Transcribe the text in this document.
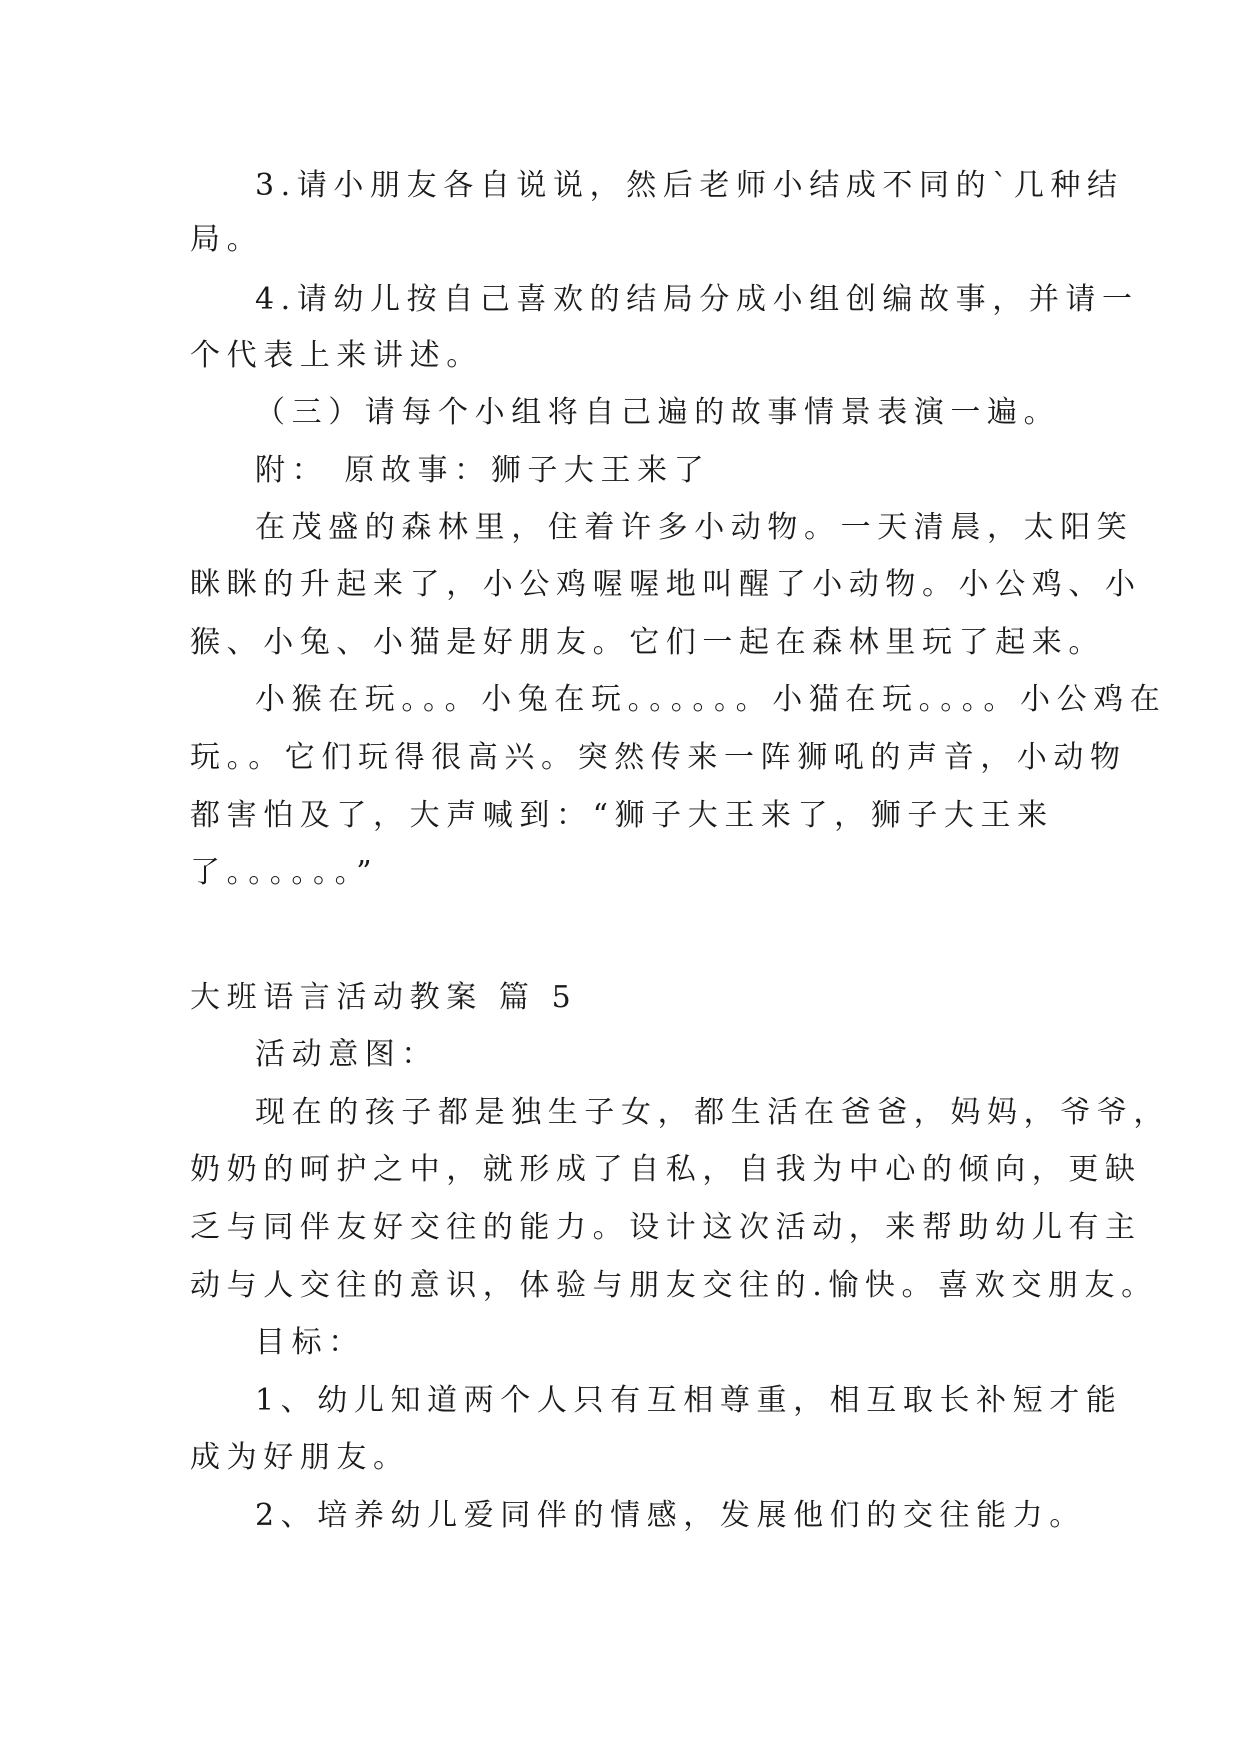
3.请小朋友各自说说，然后老师小结成不同的`几种结
局。
4.请幼儿按自己喜欢的结局分成小组创编故事，并请一
个代表上来讲述。
（三）请每个小组将自己遍的故事情景表演一遍。
附： 原故事：狮子大王来了
在茂盛的森林里，住着许多小动物。一天清晨，太阳笑
眯眯的升起来了，小公鸡喔喔地叫醒了小动物。小公鸡、小
猴、小兔、小猫是好朋友。它们一起在森林里玩了起来。
小猴在玩。。。小兔在玩。。。。。。小猫在玩。。。。小公鸡在
玩。。它们玩得很高兴。突然传来一阵狮吼的声音，小动物
都害怕及了，大声喊到：“狮子大王来了，狮子大王来
了。。。。。。”
大班语言活动教案 篇 5
活动意图：
现在的孩子都是独生子女，都生活在爸爸，妈妈，爷爷，
奶奶的呵护之中，就形成了自私，自我为中心的倾向，更缺
乏与同伴友好交往的能力。设计这次活动，来帮助幼儿有主
动与人交往的意识，体验与朋友交往的.愉快。喜欢交朋友。
目标：
1、幼儿知道两个人只有互相尊重，相互取长补短才能
成为好朋友。
2、培养幼儿爱同伴的情感，发展他们的交往能力。
